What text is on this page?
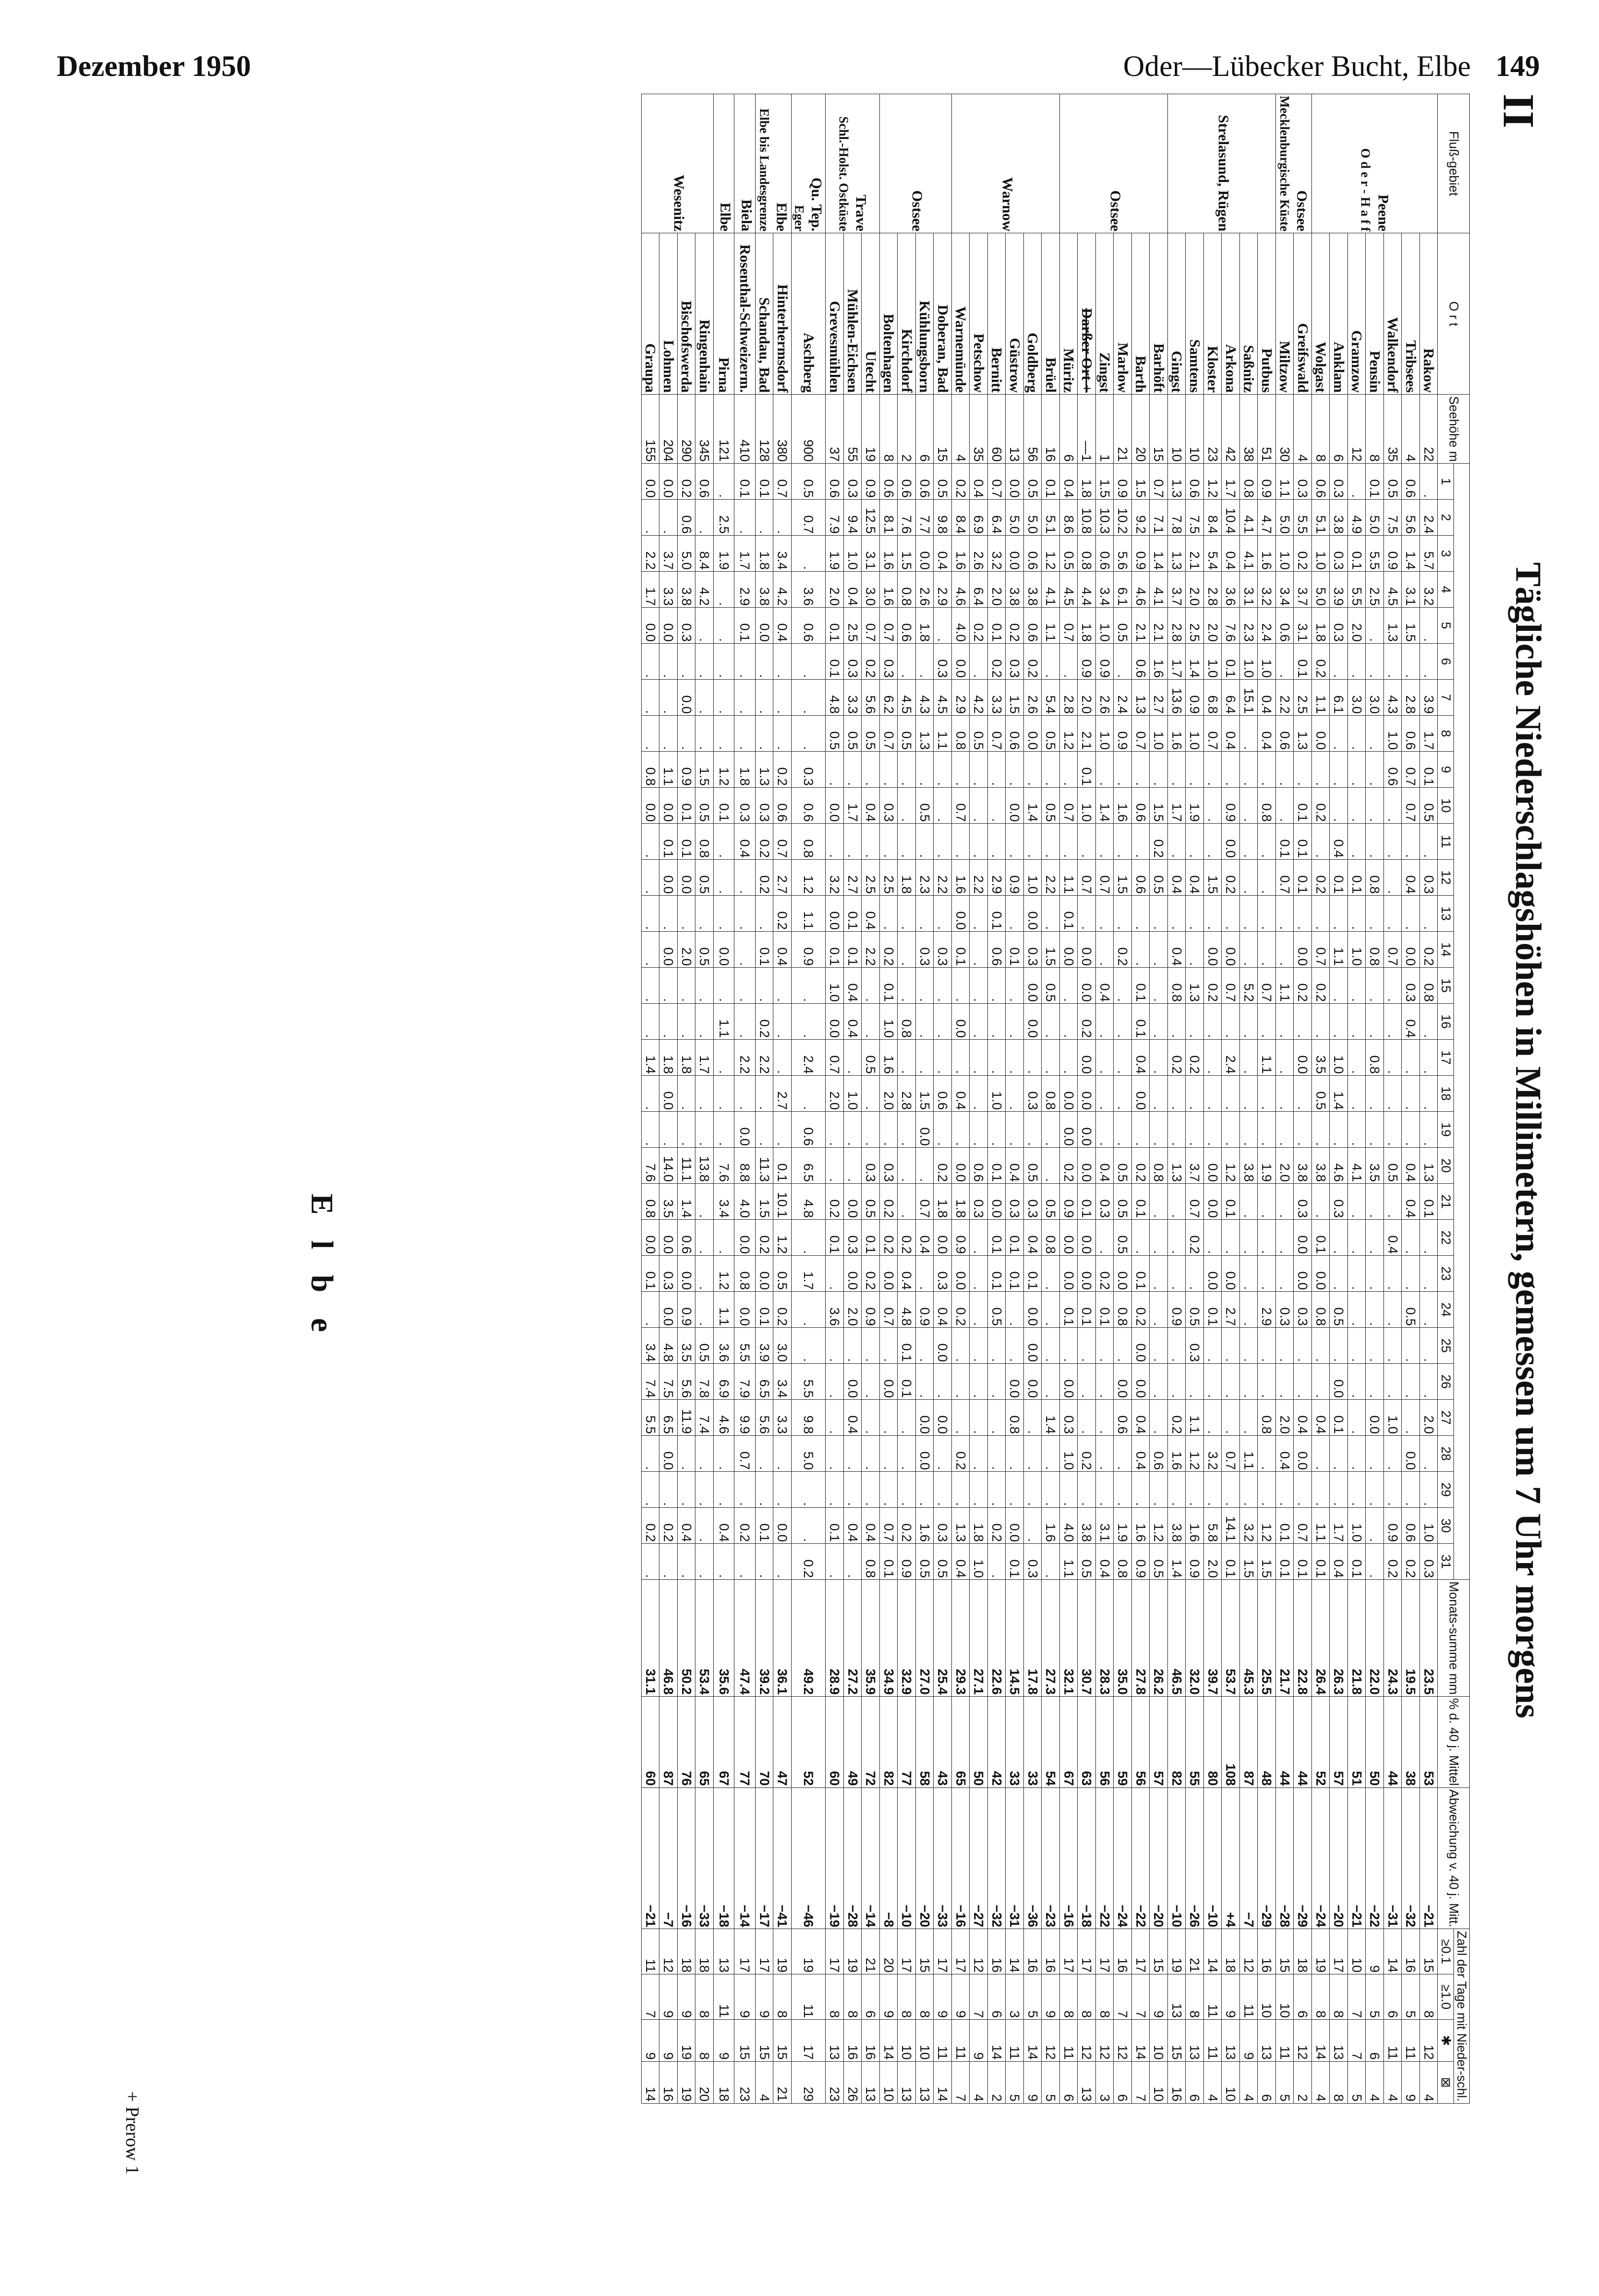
Dezember 1950	Oder—Lübecker Bucht, Elbe 149
II
Tägliche Niederschlagshöhen in Millimetern, gemessen um 7 Uhr morgens
Fluß-gebiet	O r t	Seehöhe m																																Monats-summe mm	% d. 40 j. Mittel	Abweichung v. 40 j. Mitt.	Zahl der Tage mit Nieder-schl.			
			1	2	3	4	5	6	7	8	9	10	11	12	13	14	15	16	17	18	19	20	21	22	23	24	25	26	27	28	29	30	31				≥0.1	≥1.0	✱	⊠

Peene
O d e r - H a f f	Rakow	22	.	2.4	5.7	3.2	.	.	3.9	1.7	0.1	0.5	.	0.3	.	0.2	0.8	.	.	.	.	1.3	0.1	.	.	.	.	.	2.0	.	.	1.0	0.3	23.5	53	−21	15	8	12	4
	Tribsees	4	0.6	5.6	1.4	3.1	1.5	.	2.8	0.6	0.7	0.7	.	0.4	.	0.0	0.3	0.4	.	.	.	0.4	0.4	.	.	0.5	.	.	.	0.0	.	0.6	0.2	19.5	38	−32	16	5	11	9
	Walkendorf	35	0.5	7.5	0.9	4.5	1.3	.	4.3	1.0	0.6	.	.	.	.	0.7	.	.	.	.	.	0.5	.	0.4	.	.	.	.	1.0	.	.	0.9	0.2	24.3	44	−31	14	6	11	4
	Pensin	8	0.1	5.0	5.5	2.5	.	.	3.0	.	.	.	.	0.8	.	0.8	.	.	0.8	.	.	3.5	.	.	.	.	.	.	0.0	.	.	.	.	22.0	50	−22	9	5	6	4
	Gramzow	12	.	4.9	0.1	5.5	2.0	.	3.0	.	.	.	.	0.1	.	1.0	.	.	.	.	.	4.1	.	.	.	.	.	.	.	.	.	1.0	0.1	21.8	51	−21	10	7	7	5
	Anklam	6	0.3	3.8	0.3	3.9	0.3	.	6.1	.	.	.	0.4	0.1	.	1.1	.	.	1.0	1.4	.	4.6	0.3	.	.	0.5	.	0.0	0.1	.	.	1.7	0.4	26.3	57	−20	17	8	13	8
	Wolgast	8	0.6	5.1	1.0	5.0	1.8	0.2	1.1	0.0	.	0.2	.	0.2	.	0.7	0.2	.	3.5	0.5	.	3.8	.	0.1	0.0	0.8	.	.	0.4	.	.	1.1	0.1	26.4	52	−24	19	8	14	4

Ostsee
Mecklenburgische Küste	Greifswald	4	0.3	5.5	0.2	3.7	3.1	0.1	2.5	1.3	.	0.1	0.1	0.1	.	0.0	0.2	.	0.0	.	.	3.8	0.3	0.0	0.0	0.3	.	.	0.4	0.0	.	0.7	0.1	22.8	44	−29	18	6	12	2
	Miltzow	30	1.1	5.0	1.0	3.4	0.6	.	2.2	0.6	.	.	0.1	0.7	.	.	1.1	.	.	.	.	2.0	.	.	.	0.3	.	.	2.0	0.4	.	0.1	0.1	21.7	44	−28	15	10	11	5

Strelasund, Rügen	Putbus	51	0.9	4.7	1.6	3.2	2.4	1.0	0.4	0.4	.	0.8	.	.	.	.	0.7	.	1.1	.	.	1.9	.	.	.	2.9	.	.	0.8	.	.	1.2	1.5	25.5	48	−29	16	10	13	6
	Saßnitz	38	0.8	4.1	4.1	3.1	2.3	1.0	15.1	.	.	.	.	.	.	.	5.2	.	.	.	.	3.8	.	.	.	.	.	.	.	1.1	.	3.2	1.5	45.3	87	−7	12	11	9	4
	Arkona	42	1.7	10.4	0.4	3.6	7.6	0.1	6.4	0.4	.	0.9	0.0	0.2	.	0.0	0.7	.	2.4	.	.	1.2	0.1	.	0.0	2.7	.	.	.	0.7	.	14.1	0.1	53.7	108	+4	18	9	13	10
	Kloster	23	1.2	8.4	5.4	2.8	2.0	1.0	6.8	0.7	.	.	.	1.5	.	0.0	0.2	.	.	.	.	0.0	0.0	.	0.0	0.1	.	.	.	3.2	.	5.8	2.0	39.7	80	−10	14	11	11	4
	Samtens	10	0.6	7.5	2.1	2.0	2.5	1.4	0.9	1.0	.	1.9	.	0.4	.	.	1.3	.	0.2	.	.	3.7	0.7	0.2	.	0.5	0.3	.	1.1	1.2	.	1.6	0.9	32.0	55	−26	21	8	13	6
	Gingst	10	1.3	7.8	1.3	3.7	2.8	1.7	13.6	1.6	.	1.7	.	0.4	.	0.4	0.8	.	0.2	.	.	1.3	.	.	.	0.9	.	.	0.2	1.6	.	3.8	1.4	46.5	82	−10	19	13	15	16

Ostsee	Barhöft	15	0.7	7.1	1.4	4.1	2.1	1.6	2.7	1.0	.	1.5	0.2	0.5	.	.	.	.	.	.	.	0.8	.	.	.	.	.	.	.	0.6	.	1.2	0.5	26.2	57	−20	15	9	10	10
	Barth	20	1.5	9.2	0.9	4.6	2.1	0.6	1.3	0.7	.	0.6	.	0.6	.	.	0.1	0.1	0.4	0.0	.	0.2	0.1	.	0.1	0.2	0.0	0.0	0.4	0.4	.	1.6	0.9	27.8	56	−22	17	7	14	7
	Marlow	21	0.9	10.2	5.6	6.1	0.5	.	2.4	0.9	.	1.6	.	1.5	.	0.2	.	.	.	.	.	0.5	0.5	0.5	0.0	0.8	.	0.0	0.6	.	.	1.9	0.8	35.0	59	−24	16	7	12	6
	Zingst	1	1.5	10.3	0.6	3.4	1.0	0.9	2.6	1.0	.	1.4	.	0.7	.	.	0.4	.	.	.	.	0.4	0.3	.	0.2	0.1	.	.	.	.	.	3.1	0.4	28.3	56	−22	17	8	12	3
	Darßer Ort +	—1	1.8	10.8	0.8	4.4	1.8	0.9	2.0	2.1	0.1	1.0	.	0.7	.	0.0	0.0	0.2	0.0	0.0	0.0	0.0	0.1	0.0	0.0	0.1	.	.	.	0.2	.	3.8	0.5	30.7	63	−18	17	8	12	13
	Müritz	6	0.4	8.6	0.5	4.5	0.7	.	2.8	1.2	.	0.7	.	1.1	0.1	0.0	.	.	.	0.0	0.0	0.2	0.9	0.0	0.0	0.1	.	0.0	0.3	1.0	.	4.0	1.1	32.1	67	−16	17	8	11	6

Warnow	Brüel	16	0.1	5.1	1.2	4.1	1.1	.	5.4	0.5	.	0.5	.	2.2	.	1.5	0.5	.	.	0.8	.	.	0.5	0.8	.	.	.	.	1.4	.	.	1.6	.	27.3	54	−23	16	9	12	5
	Goldberg	56	0.5	5.0	0.6	3.8	0.6	0.2	2.6	0.0	.	1.4	.	1.0	0.0	0.3	0.0	0.0	.	0.3	.	0.5	0.3	0.4	0.1	0.0	0.0	0.0	.	.	.	.	0.3	17.8	33	−36	16	5	14	9
	Güstrow	13	0.0	5.0	0.0	3.8	0.2	0.3	1.5	0.6	.	0.0	.	0.9	.	0.1	.	.	.	.	.	0.4	0.3	0.1	0.1	.	.	0.0	0.8	.	.	0.0	0.1	14.5	33	−31	14	3	11	5
	Bernitt	60	0.7	6.4	3.2	2.0	0.1	0.2	3.3	0.7	.	.	.	2.9	0.1	0.6	.	.	.	1.0	.	0.1	0.0	0.1	0.1	0.5	.	.	.	.	.	0.2	.	22.6	42	−32	16	6	14	2
	Petschow	35	0.4	6.9	2.6	6.4	0.2	.	4.2	0.5	.	.	.	2.2	.	.	.	.	.	.	.	0.6	0.3	.	.	.	.	.	.	.	.	1.8	1.0	27.1	50	−27	12	7	9	4
	Warnemünde	4	0.2	8.4	1.6	4.6	4.0	0.0	2.9	0.8	.	0.7	.	1.6	0.0	0.1	.	0.0	.	0.4	.	0.0	1.8	0.9	0.0	0.2	.	.	.	0.2	.	1.3	0.4	29.3	65	−16	17	9	11	7

Ostsee	Doberan, Bad	15	0.5	9.8	0.4	2.9	.	0.3	4.5	1.1	.	.	.	2.2	.	0.3	.	.	.	0.6	.	0.2	1.8	0.0	0.3	0.4	0.0	.	0.0	.	.	0.3	0.5	25.4	43	−33	17	9	11	14
	Kühlungsborn	6	0.6	7.7	0.0	2.6	1.8	.	4.3	1.3	.	0.5	.	2.3	.	0.3	.	.	.	1.5	0.0	.	0.7	0.4	.	0.9	.	.	0.0	0.0	.	1.6	0.5	27.0	58	−20	15	8	10	13
	Kirchdorf	2	0.6	7.6	1.5	0.8	0.6	.	4.5	0.5	.	.	.	1.8	.	.	.	0.8	.	2.8	.	.	.	0.2	0.4	4.8	0.1	0.1	.	.	.	0.2	0.9	32.9	77	−10	17	8	10	13
	Boltenhagen	8	0.6	8.1	1.6	1.6	0.7	0.3	6.2	0.7	.	0.3	.	2.5	.	0.2	0.1	1.0	1.6	2.0	.	0.3	0.2	0.2	0.0	0.7	.	0.0	.	.	.	0.7	0.1	34.9	82	−8	20	9	14	10

Trave
Schl.-Holst. Ostküste	Utecht	19	0.9	12.5	3.1	3.0	0.7	0.2	5.6	0.5	.	0.4	.	2.5	0.4	2.2	.	.	0.5	.	.	0.3	0.5	0.1	0.2	0.9	.	.	.	.	.	0.4	0.8	35.9	72	−14	21	6	16	13
	Mühlen-Eichsen	55	0.3	9.4	1.0	0.4	2.5	0.3	3.3	0.5	.	1.7	.	2.7	0.1	0.1	0.4	0.4	.	1.0	.	.	0.0	0.3	0.0	2.0	.	0.0	0.4	.	.	0.4	.	27.2	49	−28	19	8	16	26
	Grevesmühlen	37	0.6	7.9	1.9	2.0	0.1	0.1	4.8	0.5	.	0.0	.	3.2	0.0	0.1	1.0	0.0	0.7	2.0	.	.	0.2	0.1	.	3.6	.	.	.	.	.	0.1	.	28.9	60	−19	17	8	13	23

Qu. Tep.
Eger	Aschberg	900	0.5	0.7	.	3.6	0.6	.	.	.	0.3	0.6	0.8	1.2	1.1	0.9	.	.	2.4	.	0.6	6.5	4.8	.	1.7	.	.	5.5	9.8	5.0	.	.	0.2	49.2	52	−46	19	11	17	29

Elbe
Elbe bis Landesgrenze	Hinterhermsdorf	380	0.7	.	3.4	4.2	0.4	.	.	.	0.2	0.6	0.7	2.7	0.2	0.4	.	.	.	2.7	.	0.1	10.1	1.2	0.5	0.2	3.0	3.4	3.3	.	.	0.0	.	36.1	47	−41	19	8	15	21
	Schandau, Bad	128	0.1	.	1.8	3.8	0.0	.	.	.	1.3	0.3	0.2	0.2	.	0.1	.	0.2	2.2	.	.	11.3	1.5	0.2	0.0	0.1	3.9	6.5	5.6	.	.	0.1	.	39.2	70	−17	17	9	15	4

Biela	Rosenthal-Schweizerm.	410	0.1	.	1.7	2.9	0.1	.	.	.	1.8	0.3	0.4	.	.	.	.	.	2.2	.	0.0	8.8	4.0	0.0	0.8	0.0	5.5	7.9	9.9	0.7	.	0.2	.	47.4	77	−14	17	9	15	23

Elbe	Pirna	121	.	2.5	1.9	.	.	.	.	.	1.2	0.1	.	.	.	0.0	.	1.1	.	.	.	7.6	3.4	.	1.2	1.1	3.6	6.9	4.6	.	.	0.4	.	35.6	67	−18	13	11	9	18

Wesenitz	Ringenhain	345	0.6	.	8.4	4.2	.	.	.	.	1.5	0.5	0.8	0.5	.	0.5	.	.	1.7	.	.	13.8	.	.	.	.	0.5	7.8	7.4	.	.	.	.	53.4	65	−33	18	8	8	20
	Bischofswerda	290	0.2	0.6	5.0	3.8	0.3	.	0.0	.	0.9	0.1	0.1	0.0	.	2.0	.	.	1.8	.	.	11.1	1.4	0.6	0.0	0.9	3.5	5.6	11.9	.	.	0.4	.	50.2	76	−16	18	9	19	19
	Lohmen	204	0.0	.	3.7	3.3	0.0	.	.	.	1.1	0.0	0.1	0.0	.	0.0	.	.	1.8	0.0	.	14.0	3.5	0.0	0.3	0.0	4.8	7.5	6.5	0.0	.	0.2	.	46.8	87	−7	12	9	9	16
	Graupa	155	0.0	.	2.2	1.7	0.0	.	.	.	0.8	0.0	.	.	.	.	.	.	1.4	.	.	7.6	0.8	0.0	0.1	.	3.4	7.4	5.5	.	.	0.2	.	31.1	60	−21	11	7	9	14
E l b e
+ Prerow 1
